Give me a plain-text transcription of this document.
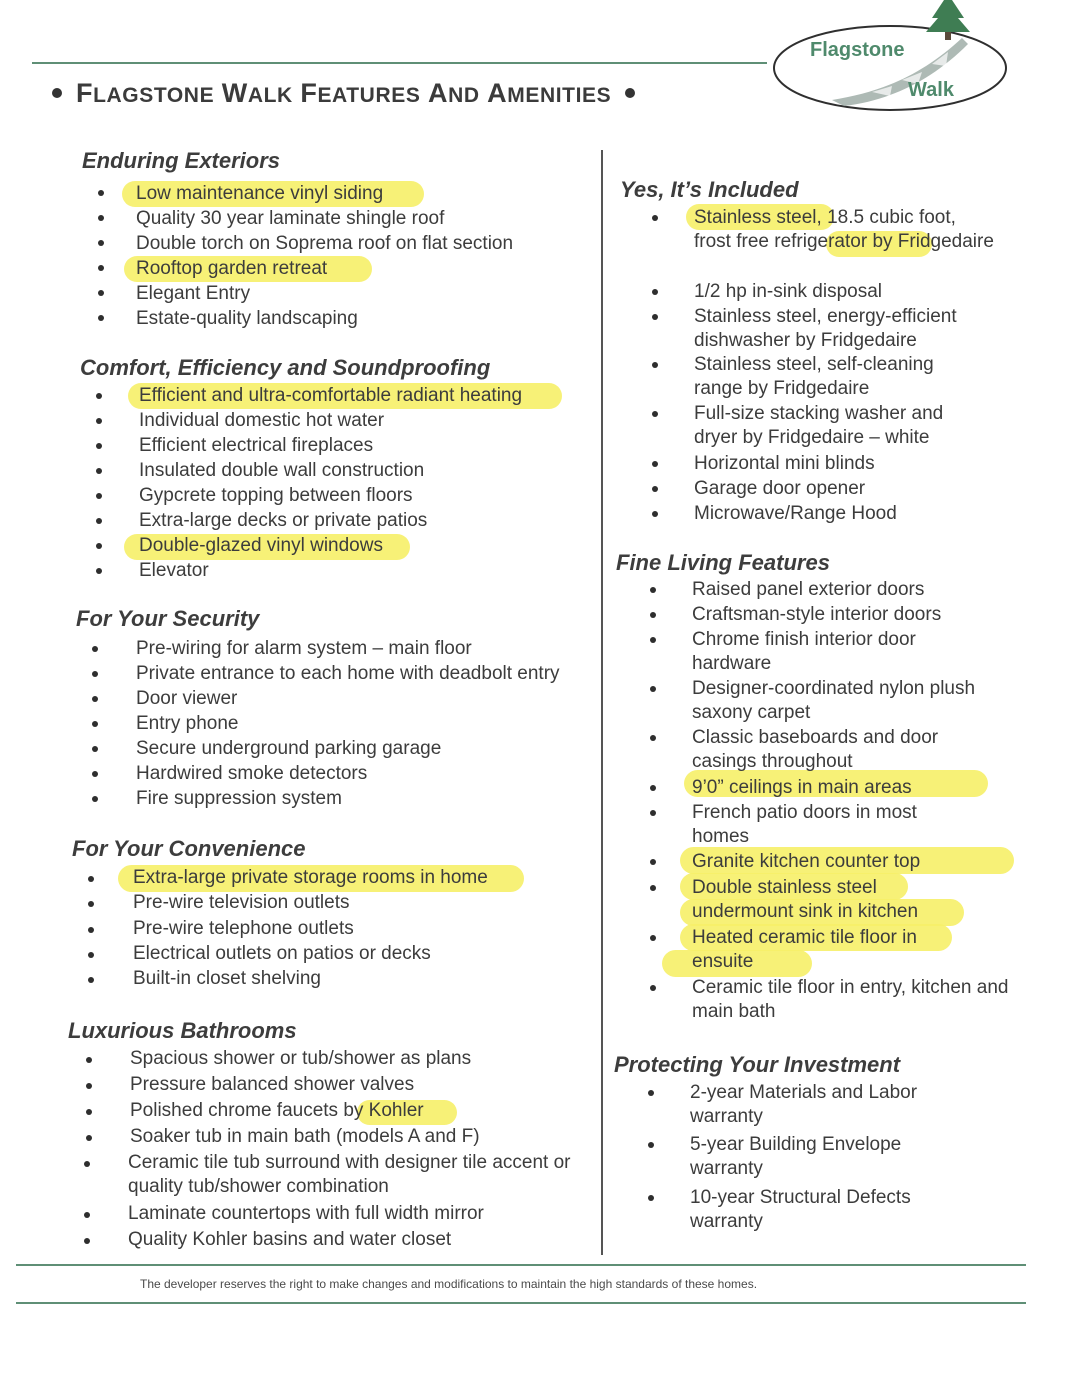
Flagstone
Walk
FLAGSTONE WALK FEATURES AND AMENITIES
Enduring Exteriors
Low maintenance vinyl siding
Quality 30 year laminate shingle roof
Double torch on Soprema roof on flat section
Rooftop garden retreat
Elegant Entry
Estate-quality landscaping
Comfort, Efficiency and Soundproofing
Efficient and ultra-comfortable radiant heating
Individual domestic hot water
Efficient electrical fireplaces
Insulated double wall construction
Gypcrete topping between floors
Extra-large decks or private patios
Double-glazed vinyl windows
Elevator
For Your Security
Pre-wiring for alarm system – main floor
Private entrance to each home with deadbolt entry
Door viewer
Entry phone
Secure underground parking garage
Hardwired smoke detectors
Fire suppression system
For Your Convenience
Extra-large private storage rooms in home
Pre-wire television outlets
Pre-wire telephone outlets
Electrical outlets on patios or decks
Built-in closet shelving
Luxurious Bathrooms
Spacious shower or tub/shower as plans
Pressure balanced shower valves
Polished chrome faucets by Kohler
Soaker tub in main bath (models A and F)
Ceramic tile tub surround with designer tile accent or quality tub/shower combination
Laminate countertops with full width mirror
Quality Kohler basins and water closet
Yes, It’s Included
Stainless steel, 18.5 cubic foot, frost free refrigerator by Fridgedaire
1/2 hp in-sink disposal
Stainless steel, energy-efficient dishwasher by Fridgedaire
Stainless steel, self-cleaning range by Fridgedaire
Full-size stacking washer and dryer by Fridgedaire – white
Horizontal mini blinds
Garage door opener
Microwave/Range Hood
Fine Living Features
Raised panel exterior doors
Craftsman-style interior doors
Chrome finish interior door hardware
Designer-coordinated nylon plush saxony carpet
Classic baseboards and door casings throughout
9’0” ceilings in main areas
French patio doors in most homes
Granite kitchen counter top
Double stainless steel undermount sink in kitchen
Heated ceramic tile floor in ensuite
Ceramic tile floor in entry, kitchen and main bath
Protecting Your Investment
2-year Materials and Labor warranty
5-year Building Envelope warranty
10-year Structural Defects warranty
The developer reserves the right to make changes and modifications to maintain the high standards of these homes.
